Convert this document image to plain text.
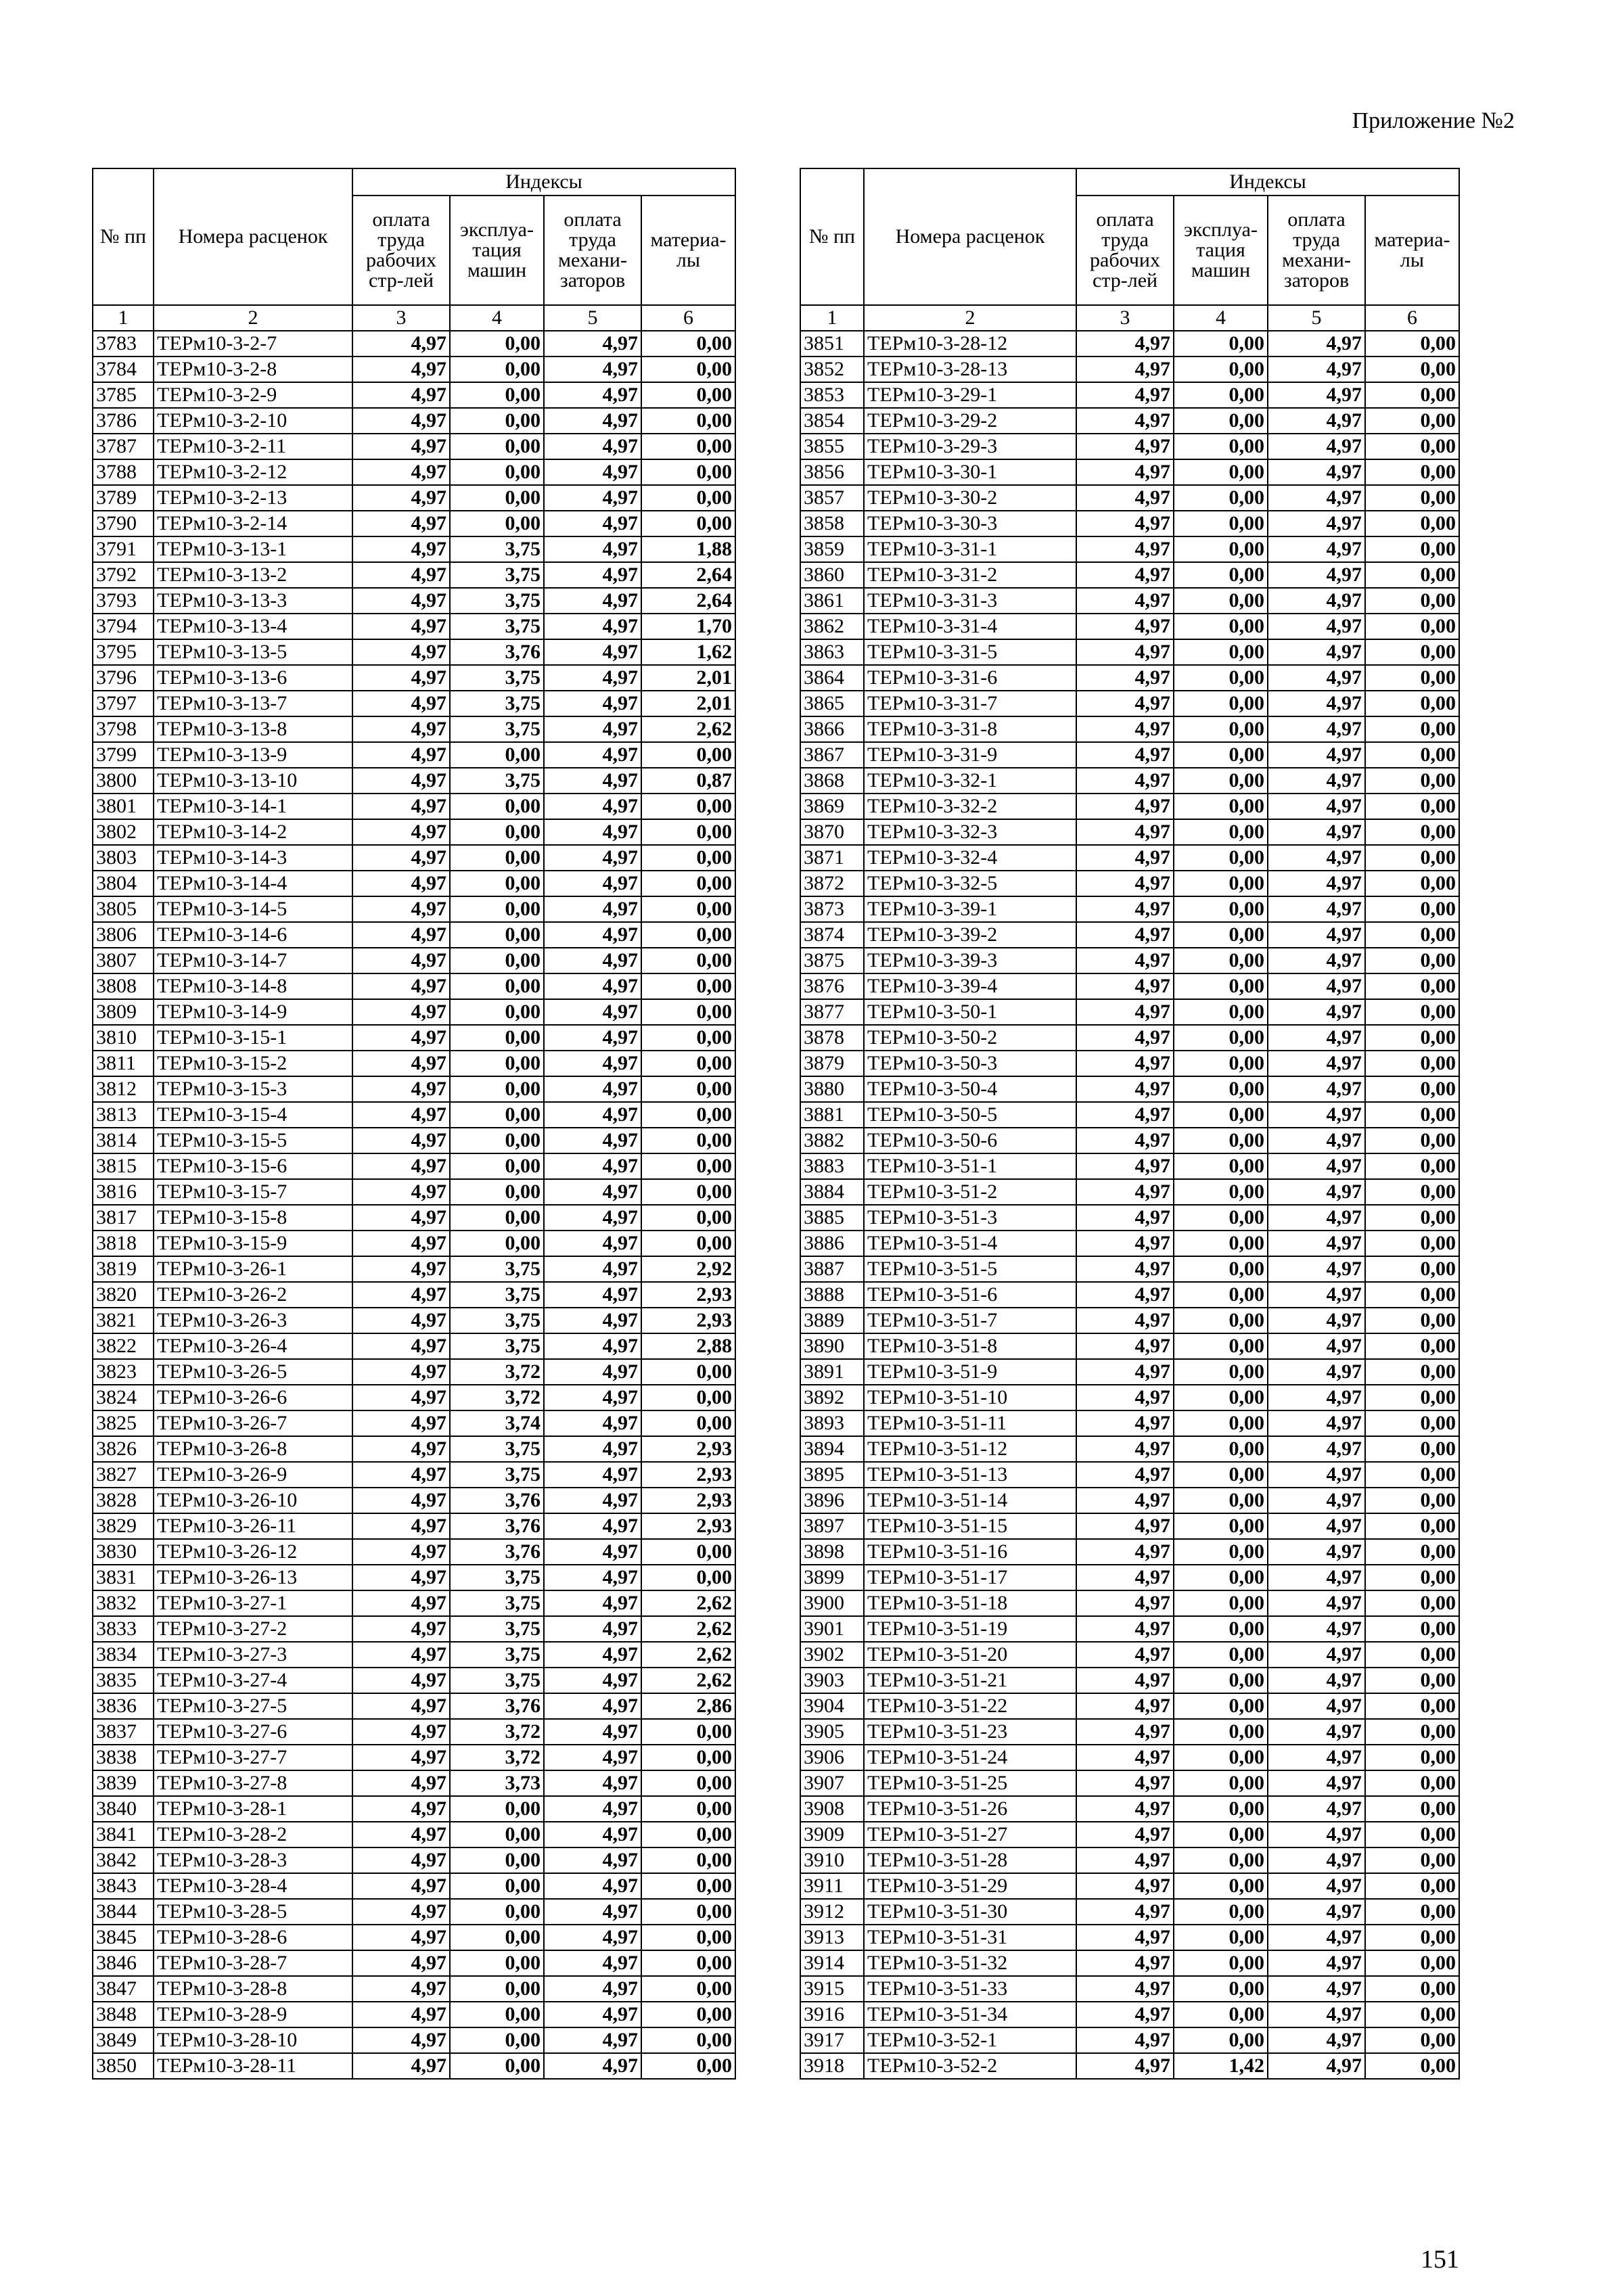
Приложение №2
№ пп	Номера расценок	Индексы			
		оплата труда рабочих стр-лей	эксплуа-тация машин	оплата труда механи-заторов	материа-лы
1	2	3	4	5	6
3783	ТЕРм10-3-2-7	4,97	0,00	4,97	0,00
3784	ТЕРм10-3-2-8	4,97	0,00	4,97	0,00
3785	ТЕРм10-3-2-9	4,97	0,00	4,97	0,00
3786	ТЕРм10-3-2-10	4,97	0,00	4,97	0,00
3787	ТЕРм10-3-2-11	4,97	0,00	4,97	0,00
3788	ТЕРм10-3-2-12	4,97	0,00	4,97	0,00
3789	ТЕРм10-3-2-13	4,97	0,00	4,97	0,00
3790	ТЕРм10-3-2-14	4,97	0,00	4,97	0,00
3791	ТЕРм10-3-13-1	4,97	3,75	4,97	1,88
3792	ТЕРм10-3-13-2	4,97	3,75	4,97	2,64
3793	ТЕРм10-3-13-3	4,97	3,75	4,97	2,64
3794	ТЕРм10-3-13-4	4,97	3,75	4,97	1,70
3795	ТЕРм10-3-13-5	4,97	3,76	4,97	1,62
3796	ТЕРм10-3-13-6	4,97	3,75	4,97	2,01
3797	ТЕРм10-3-13-7	4,97	3,75	4,97	2,01
3798	ТЕРм10-3-13-8	4,97	3,75	4,97	2,62
3799	ТЕРм10-3-13-9	4,97	0,00	4,97	0,00
3800	ТЕРм10-3-13-10	4,97	3,75	4,97	0,87
3801	ТЕРм10-3-14-1	4,97	0,00	4,97	0,00
3802	ТЕРм10-3-14-2	4,97	0,00	4,97	0,00
3803	ТЕРм10-3-14-3	4,97	0,00	4,97	0,00
3804	ТЕРм10-3-14-4	4,97	0,00	4,97	0,00
3805	ТЕРм10-3-14-5	4,97	0,00	4,97	0,00
3806	ТЕРм10-3-14-6	4,97	0,00	4,97	0,00
3807	ТЕРм10-3-14-7	4,97	0,00	4,97	0,00
3808	ТЕРм10-3-14-8	4,97	0,00	4,97	0,00
3809	ТЕРм10-3-14-9	4,97	0,00	4,97	0,00
3810	ТЕРм10-3-15-1	4,97	0,00	4,97	0,00
3811	ТЕРм10-3-15-2	4,97	0,00	4,97	0,00
3812	ТЕРм10-3-15-3	4,97	0,00	4,97	0,00
3813	ТЕРм10-3-15-4	4,97	0,00	4,97	0,00
3814	ТЕРм10-3-15-5	4,97	0,00	4,97	0,00
3815	ТЕРм10-3-15-6	4,97	0,00	4,97	0,00
3816	ТЕРм10-3-15-7	4,97	0,00	4,97	0,00
3817	ТЕРм10-3-15-8	4,97	0,00	4,97	0,00
3818	ТЕРм10-3-15-9	4,97	0,00	4,97	0,00
3819	ТЕРм10-3-26-1	4,97	3,75	4,97	2,92
3820	ТЕРм10-3-26-2	4,97	3,75	4,97	2,93
3821	ТЕРм10-3-26-3	4,97	3,75	4,97	2,93
3822	ТЕРм10-3-26-4	4,97	3,75	4,97	2,88
3823	ТЕРм10-3-26-5	4,97	3,72	4,97	0,00
3824	ТЕРм10-3-26-6	4,97	3,72	4,97	0,00
3825	ТЕРм10-3-26-7	4,97	3,74	4,97	0,00
3826	ТЕРм10-3-26-8	4,97	3,75	4,97	2,93
3827	ТЕРм10-3-26-9	4,97	3,75	4,97	2,93
3828	ТЕРм10-3-26-10	4,97	3,76	4,97	2,93
3829	ТЕРм10-3-26-11	4,97	3,76	4,97	2,93
3830	ТЕРм10-3-26-12	4,97	3,76	4,97	0,00
3831	ТЕРм10-3-26-13	4,97	3,75	4,97	0,00
3832	ТЕРм10-3-27-1	4,97	3,75	4,97	2,62
3833	ТЕРм10-3-27-2	4,97	3,75	4,97	2,62
3834	ТЕРм10-3-27-3	4,97	3,75	4,97	2,62
3835	ТЕРм10-3-27-4	4,97	3,75	4,97	2,62
3836	ТЕРм10-3-27-5	4,97	3,76	4,97	2,86
3837	ТЕРм10-3-27-6	4,97	3,72	4,97	0,00
3838	ТЕРм10-3-27-7	4,97	3,72	4,97	0,00
3839	ТЕРм10-3-27-8	4,97	3,73	4,97	0,00
3840	ТЕРм10-3-28-1	4,97	0,00	4,97	0,00
3841	ТЕРм10-3-28-2	4,97	0,00	4,97	0,00
3842	ТЕРм10-3-28-3	4,97	0,00	4,97	0,00
3843	ТЕРм10-3-28-4	4,97	0,00	4,97	0,00
3844	ТЕРм10-3-28-5	4,97	0,00	4,97	0,00
3845	ТЕРм10-3-28-6	4,97	0,00	4,97	0,00
3846	ТЕРм10-3-28-7	4,97	0,00	4,97	0,00
3847	ТЕРм10-3-28-8	4,97	0,00	4,97	0,00
3848	ТЕРм10-3-28-9	4,97	0,00	4,97	0,00
3849	ТЕРм10-3-28-10	4,97	0,00	4,97	0,00
3850	ТЕРм10-3-28-11	4,97	0,00	4,97	0,00
№ пп	Номера расценок	Индексы			
		оплата труда рабочих стр-лей	эксплуа-тация машин	оплата труда механи-заторов	материа-лы
1	2	3	4	5	6
3851	ТЕРм10-3-28-12	4,97	0,00	4,97	0,00
3852	ТЕРм10-3-28-13	4,97	0,00	4,97	0,00
3853	ТЕРм10-3-29-1	4,97	0,00	4,97	0,00
3854	ТЕРм10-3-29-2	4,97	0,00	4,97	0,00
3855	ТЕРм10-3-29-3	4,97	0,00	4,97	0,00
3856	ТЕРм10-3-30-1	4,97	0,00	4,97	0,00
3857	ТЕРм10-3-30-2	4,97	0,00	4,97	0,00
3858	ТЕРм10-3-30-3	4,97	0,00	4,97	0,00
3859	ТЕРм10-3-31-1	4,97	0,00	4,97	0,00
3860	ТЕРм10-3-31-2	4,97	0,00	4,97	0,00
3861	ТЕРм10-3-31-3	4,97	0,00	4,97	0,00
3862	ТЕРм10-3-31-4	4,97	0,00	4,97	0,00
3863	ТЕРм10-3-31-5	4,97	0,00	4,97	0,00
3864	ТЕРм10-3-31-6	4,97	0,00	4,97	0,00
3865	ТЕРм10-3-31-7	4,97	0,00	4,97	0,00
3866	ТЕРм10-3-31-8	4,97	0,00	4,97	0,00
3867	ТЕРм10-3-31-9	4,97	0,00	4,97	0,00
3868	ТЕРм10-3-32-1	4,97	0,00	4,97	0,00
3869	ТЕРм10-3-32-2	4,97	0,00	4,97	0,00
3870	ТЕРм10-3-32-3	4,97	0,00	4,97	0,00
3871	ТЕРм10-3-32-4	4,97	0,00	4,97	0,00
3872	ТЕРм10-3-32-5	4,97	0,00	4,97	0,00
3873	ТЕРм10-3-39-1	4,97	0,00	4,97	0,00
3874	ТЕРм10-3-39-2	4,97	0,00	4,97	0,00
3875	ТЕРм10-3-39-3	4,97	0,00	4,97	0,00
3876	ТЕРм10-3-39-4	4,97	0,00	4,97	0,00
3877	ТЕРм10-3-50-1	4,97	0,00	4,97	0,00
3878	ТЕРм10-3-50-2	4,97	0,00	4,97	0,00
3879	ТЕРм10-3-50-3	4,97	0,00	4,97	0,00
3880	ТЕРм10-3-50-4	4,97	0,00	4,97	0,00
3881	ТЕРм10-3-50-5	4,97	0,00	4,97	0,00
3882	ТЕРм10-3-50-6	4,97	0,00	4,97	0,00
3883	ТЕРм10-3-51-1	4,97	0,00	4,97	0,00
3884	ТЕРм10-3-51-2	4,97	0,00	4,97	0,00
3885	ТЕРм10-3-51-3	4,97	0,00	4,97	0,00
3886	ТЕРм10-3-51-4	4,97	0,00	4,97	0,00
3887	ТЕРм10-3-51-5	4,97	0,00	4,97	0,00
3888	ТЕРм10-3-51-6	4,97	0,00	4,97	0,00
3889	ТЕРм10-3-51-7	4,97	0,00	4,97	0,00
3890	ТЕРм10-3-51-8	4,97	0,00	4,97	0,00
3891	ТЕРм10-3-51-9	4,97	0,00	4,97	0,00
3892	ТЕРм10-3-51-10	4,97	0,00	4,97	0,00
3893	ТЕРм10-3-51-11	4,97	0,00	4,97	0,00
3894	ТЕРм10-3-51-12	4,97	0,00	4,97	0,00
3895	ТЕРм10-3-51-13	4,97	0,00	4,97	0,00
3896	ТЕРм10-3-51-14	4,97	0,00	4,97	0,00
3897	ТЕРм10-3-51-15	4,97	0,00	4,97	0,00
3898	ТЕРм10-3-51-16	4,97	0,00	4,97	0,00
3899	ТЕРм10-3-51-17	4,97	0,00	4,97	0,00
3900	ТЕРм10-3-51-18	4,97	0,00	4,97	0,00
3901	ТЕРм10-3-51-19	4,97	0,00	4,97	0,00
3902	ТЕРм10-3-51-20	4,97	0,00	4,97	0,00
3903	ТЕРм10-3-51-21	4,97	0,00	4,97	0,00
3904	ТЕРм10-3-51-22	4,97	0,00	4,97	0,00
3905	ТЕРм10-3-51-23	4,97	0,00	4,97	0,00
3906	ТЕРм10-3-51-24	4,97	0,00	4,97	0,00
3907	ТЕРм10-3-51-25	4,97	0,00	4,97	0,00
3908	ТЕРм10-3-51-26	4,97	0,00	4,97	0,00
3909	ТЕРм10-3-51-27	4,97	0,00	4,97	0,00
3910	ТЕРм10-3-51-28	4,97	0,00	4,97	0,00
3911	ТЕРм10-3-51-29	4,97	0,00	4,97	0,00
3912	ТЕРм10-3-51-30	4,97	0,00	4,97	0,00
3913	ТЕРм10-3-51-31	4,97	0,00	4,97	0,00
3914	ТЕРм10-3-51-32	4,97	0,00	4,97	0,00
3915	ТЕРм10-3-51-33	4,97	0,00	4,97	0,00
3916	ТЕРм10-3-51-34	4,97	0,00	4,97	0,00
3917	ТЕРм10-3-52-1	4,97	0,00	4,97	0,00
3918	ТЕРм10-3-52-2	4,97	1,42	4,97	0,00
151
